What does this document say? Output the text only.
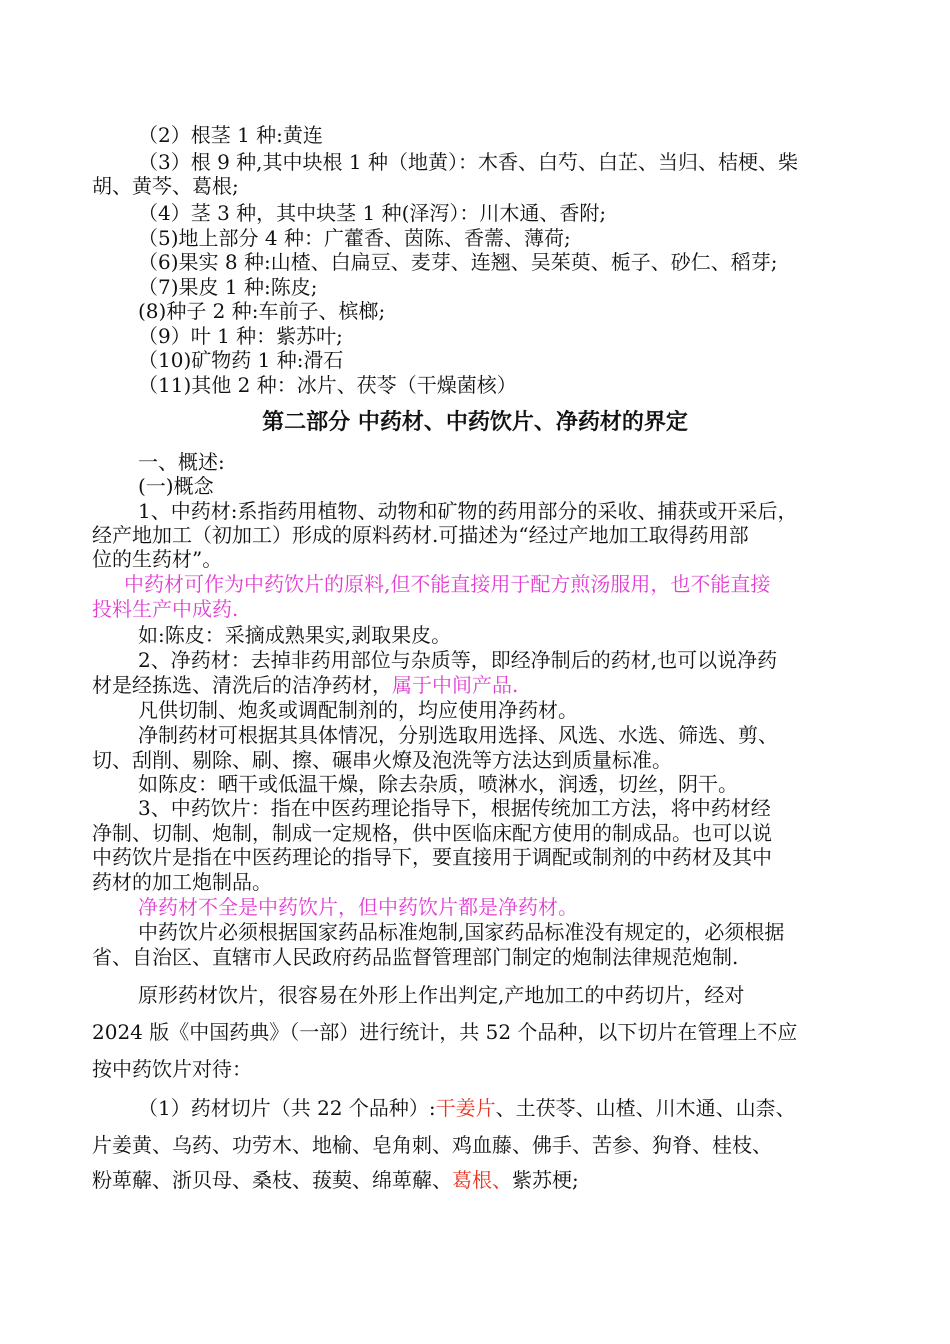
（2）根茎 1 种:黄连
（3）根 9 种,其中块根 1 种（地黄）：木香、白芍、白芷、当归、桔梗、柴
胡、黄芩、葛根;
（4）茎 3 种，其中块茎 1 种(泽泻）：川木通、香附;
（5)地上部分 4 种：广藿香、茵陈、香薷、薄荷;
（6)果实 8 种:山楂、白扁豆、麦芽、连翘、吴茱萸、栀子、砂仁、稻芽;
（7)果皮 1 种:陈皮;
(8)种子 2 种:车前子、槟榔;
（9）叶 1 种：紫苏叶;
（10)矿物药 1 种:滑石
（11)其他 2 种：冰片、茯苓（干燥菌核）
第二部分 中药材、中药饮片、净药材的界定
一、概述:
(一)概念
1、中药材:系指药用植物、动物和矿物的药用部分的采收、捕获或开采后，
经产地加工（初加工）形成的原料药材.可描述为“经过产地加工取得药用部
位的生药材”。
中药材可作为中药饮片的原料,但不能直接用于配方煎汤服用，也不能直接
投料生产中成药.
如:陈皮：采摘成熟果实,剥取果皮。
2、净药材：去掉非药用部位与杂质等，即经净制后的药材,也可以说净药
材是经拣选、清洗后的洁净药材，属于中间产品.
凡供切制、炮炙或调配制剂的，均应使用净药材。
净制药材可根据其具体情况，分别选取用选择、风选、水选、筛选、剪、
切、刮削、剔除、刷、擦、碾串火燎及泡洗等方法达到质量标准。
如陈皮：晒干或低温干燥，除去杂质，喷淋水，润透，切丝，阴干。
3、中药饮片：指在中医药理论指导下，根据传统加工方法，将中药材经
净制、切制、炮制，制成一定规格，供中医临床配方使用的制成品。也可以说
中药饮片是指在中医药理论的指导下，要直接用于调配或制剂的中药材及其中
药材的加工炮制品。
净药材不全是中药饮片，但中药饮片都是净药材。
中药饮片必须根据国家药品标准炮制,国家药品标准没有规定的，必须根据
省、自治区、直辖市人民政府药品监督管理部门制定的炮制法律规范炮制.
原形药材饮片，很容易在外形上作出判定,产地加工的中药切片，经对
2024 版《中国药典》（一部）进行统计，共 52 个品种，以下切片在管理上不应
按中药饮片对待：
（1）药材切片（共 22 个品种）:干姜片、土茯苓、山楂、川木通、山柰、
片姜黄、乌药、功劳木、地榆、皂角刺、鸡血藤、佛手、苦参、狗脊、桂枝、
粉萆薢、浙贝母、桑枝、菝葜、绵萆薢、葛根、紫苏梗;
